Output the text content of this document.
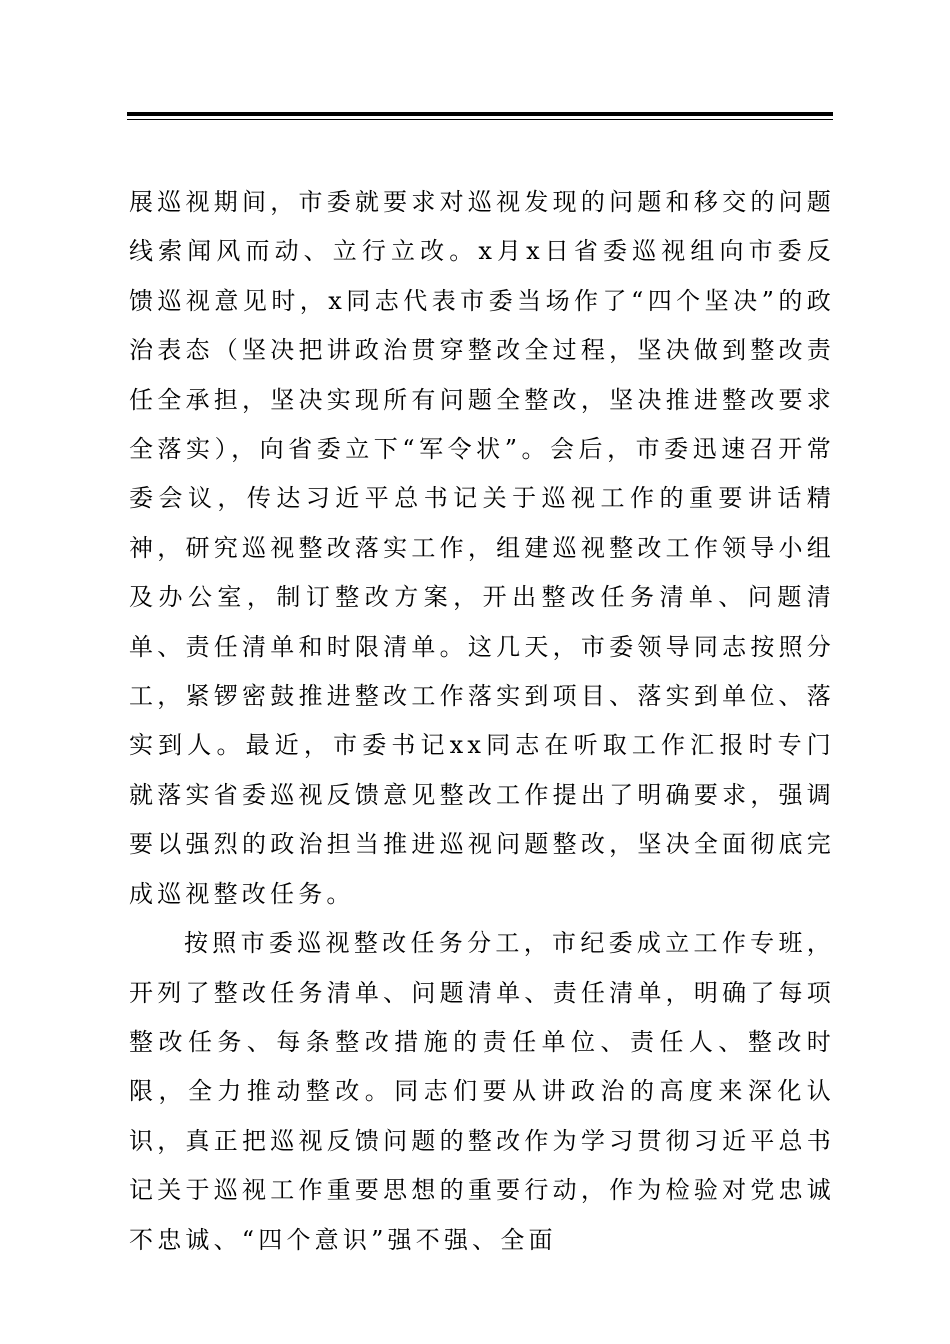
展巡视期间，市委就要求对巡视发现的问题和移交的问题线索闻风而动、立行立改。x月x日省委巡视组向市委反馈巡视意见时，x同志代表市委当场作了“四个坚决”的政治表态（坚决把讲政治贯穿整改全过程，坚决做到整改责任全承担，坚决实现所有问题全整改，坚决推进整改要求全落实），向省委立下“军令状”。会后，市委迅速召开常委会议，传达习近平总书记关于巡视工作的重要讲话精神，研究巡视整改落实工作，组建巡视整改工作领导小组及办公室，制订整改方案，开出整改任务清单、问题清单、责任清单和时限清单。这几天，市委领导同志按照分工，紧锣密鼓推进整改工作落实到项目、落实到单位、落实到人。最近，市委书记xx同志在听取工作汇报时专门就落实省委巡视反馈意见整改工作提出了明确要求，强调要以强烈的政治担当推进巡视问题整改，坚决全面彻底完成巡视整改任务。

按照市委巡视整改任务分工，市纪委成立工作专班，开列了整改任务清单、问题清单、责任清单，明确了每项整改任务、每条整改措施的责任单位、责任人、整改时限，全力推动整改。同志们要从讲政治的高度来深化认识，真正把巡视反馈问题的整改作为学习贯彻习近平总书记关于巡视工作重要思想的重要行动，作为检验对党忠诚不忠诚、“四个意识”强不强、全面
